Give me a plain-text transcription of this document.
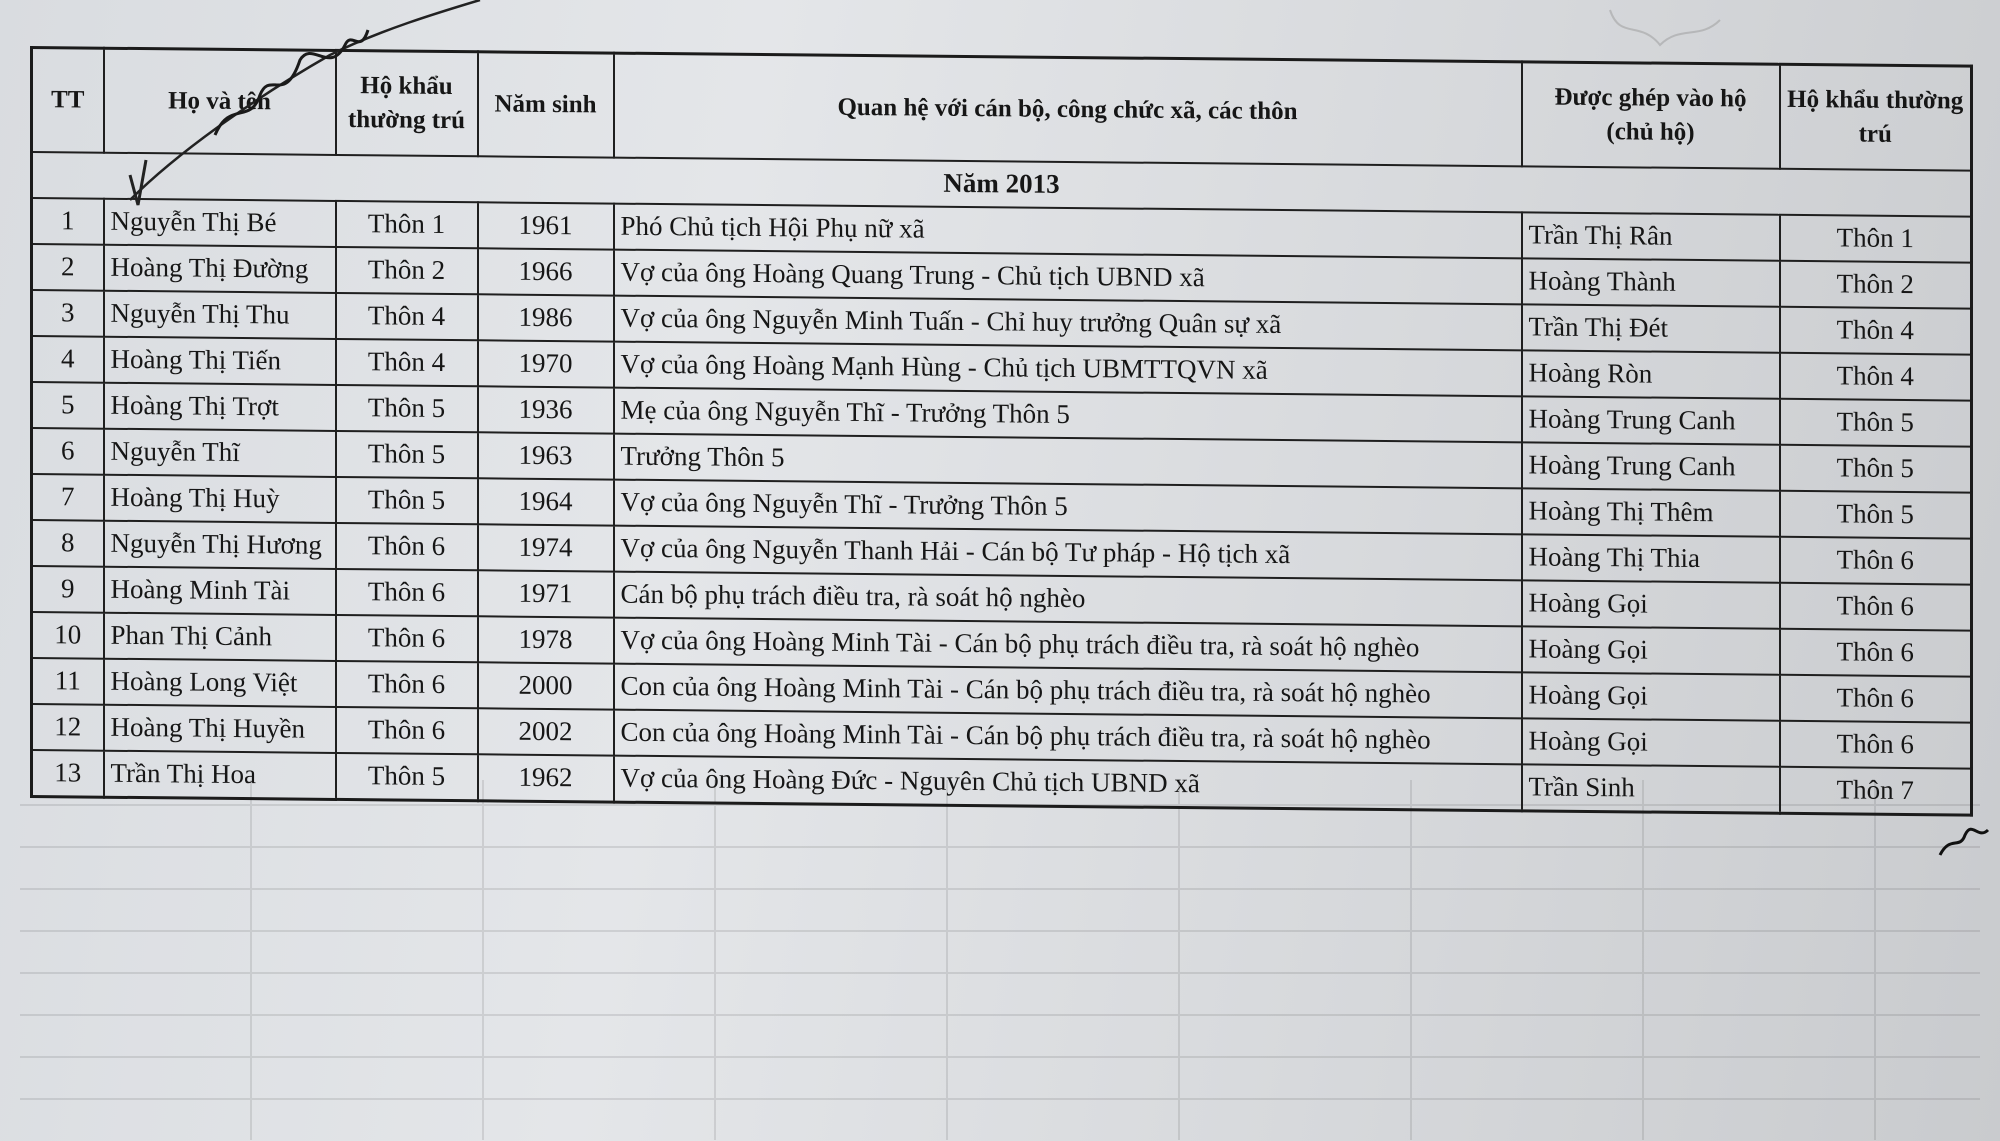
TT	Họ và tên	Hộ khẩu thường trú	Năm sinh	Quan hệ với cán bộ, công chức xã, các thôn	Được ghép vào hộ (chủ hộ)	Hộ khẩu thường trú
Năm 2013						
1	Nguyễn Thị Bé	Thôn 1	1961	Phó Chủ tịch Hội Phụ nữ xã	Trần Thị Rân	Thôn 1
2	Hoàng Thị Đường	Thôn 2	1966	Vợ của ông Hoàng Quang Trung - Chủ tịch UBND xã	Hoàng Thành	Thôn 2
3	Nguyễn Thị Thu	Thôn 4	1986	Vợ của ông Nguyễn Minh Tuấn - Chỉ huy trưởng Quân sự xã	Trần Thị Đét	Thôn 4
4	Hoàng Thị Tiến	Thôn 4	1970	Vợ của ông Hoàng Mạnh Hùng - Chủ tịch UBMTTQVN xã	Hoàng Ròn	Thôn 4
5	Hoàng Thị Trợt	Thôn 5	1936	Mẹ của ông Nguyễn Thĩ - Trưởng Thôn 5	Hoàng Trung Canh	Thôn 5
6	Nguyễn Thĩ	Thôn 5	1963	Trưởng Thôn 5	Hoàng Trung Canh	Thôn 5
7	Hoàng Thị Huỳ	Thôn 5	1964	Vợ của ông Nguyễn Thĩ - Trưởng Thôn 5	Hoàng Thị Thêm	Thôn 5
8	Nguyễn Thị Hương	Thôn 6	1974	Vợ của ông Nguyễn Thanh Hải - Cán bộ Tư pháp - Hộ tịch xã	Hoàng Thị Thia	Thôn 6
9	Hoàng Minh Tài	Thôn 6	1971	Cán bộ phụ trách điều tra, rà soát hộ nghèo	Hoàng Gọi	Thôn 6
10	Phan Thị Cảnh	Thôn 6	1978	Vợ của ông Hoàng Minh Tài - Cán bộ phụ trách điều tra, rà soát hộ nghèo	Hoàng Gọi	Thôn 6
11	Hoàng Long Việt	Thôn 6	2000	Con của ông Hoàng Minh Tài - Cán bộ phụ trách điều tra, rà soát hộ nghèo	Hoàng Gọi	Thôn 6
12	Hoàng Thị Huyền	Thôn 6	2002	Con của ông Hoàng Minh Tài - Cán bộ phụ trách điều tra, rà soát hộ nghèo	Hoàng Gọi	Thôn 6
13	Trần Thị Hoa	Thôn 5	1962	Vợ của ông Hoàng Đức - Nguyên Chủ tịch UBND xã	Trần Sinh	Thôn 7
